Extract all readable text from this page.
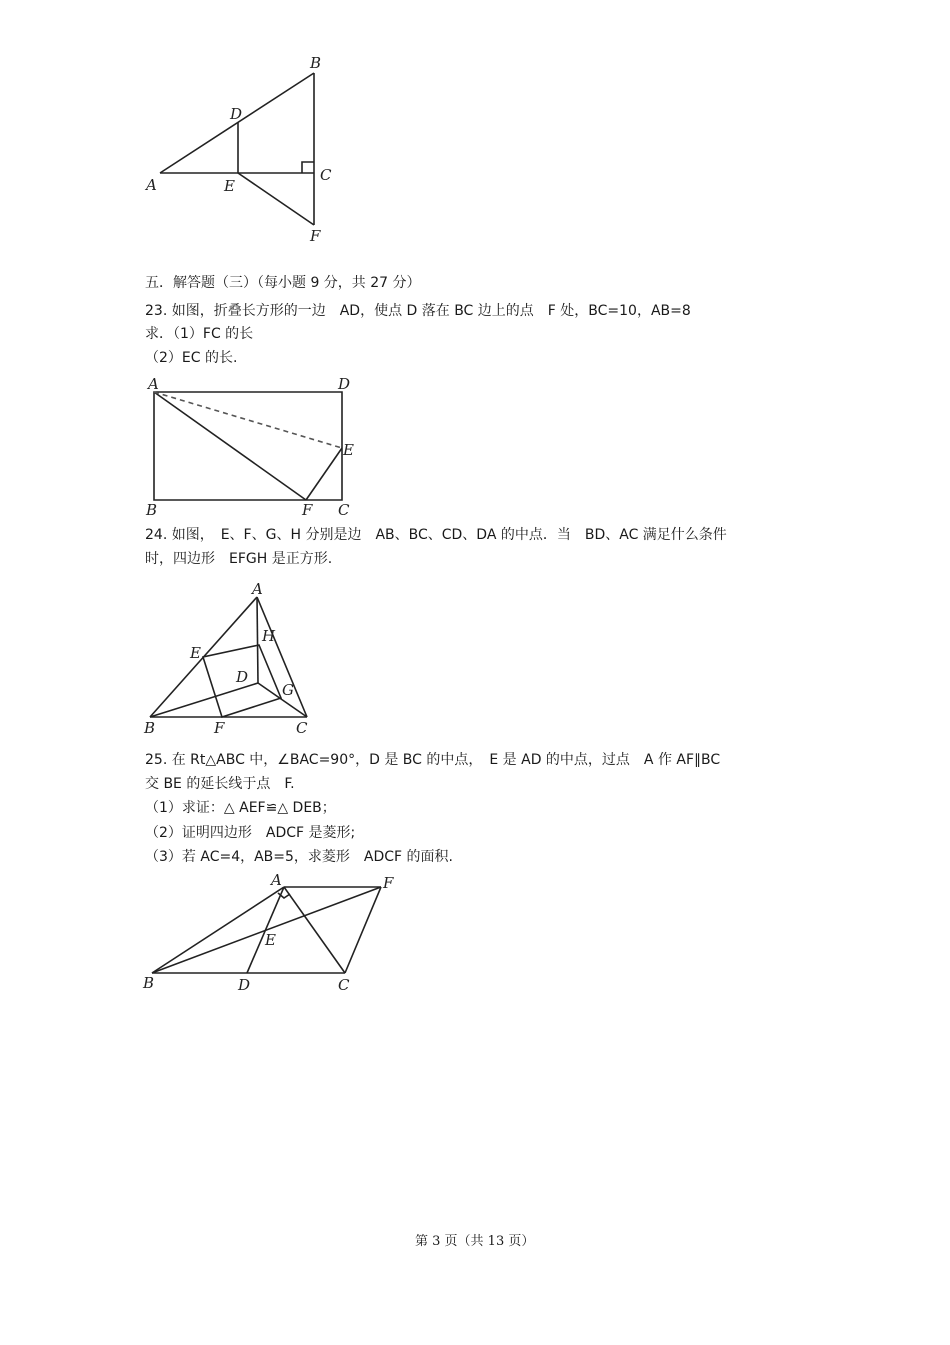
A
B
C
D
E
F
五．解答题（三）（每小题 9 分，共 27 分）
23. 如图，折叠长方形的一边　AD，使点 D 落在 BC 边上的点　F 处，BC=10，AB=8
求．（1）FC 的长
（2）EC 的长.
A	D
E
B	F C
24. 如图，　E、F、G、H 分别是边　AB、BC、CD、DA 的中点．当　BD、AC 满足什么条件
时，四边形　EFGH 是正方形.
A
H
E
D
G
B	F	C
25. 在 Rt△ABC 中，∠BAC=90°，D 是 BC 的中点，　E 是 AD 的中点，过点　A 作 AF∥BC
交 BE 的延长线于点　F.
（1）求证：△ AEF≌△ DEB；
（2）证明四边形　ADCF 是菱形;
（3）若 AC=4，AB=5，求菱形　ADCF 的面积.
A	F
E
B	D	C
第 3 页（共 13 页）
